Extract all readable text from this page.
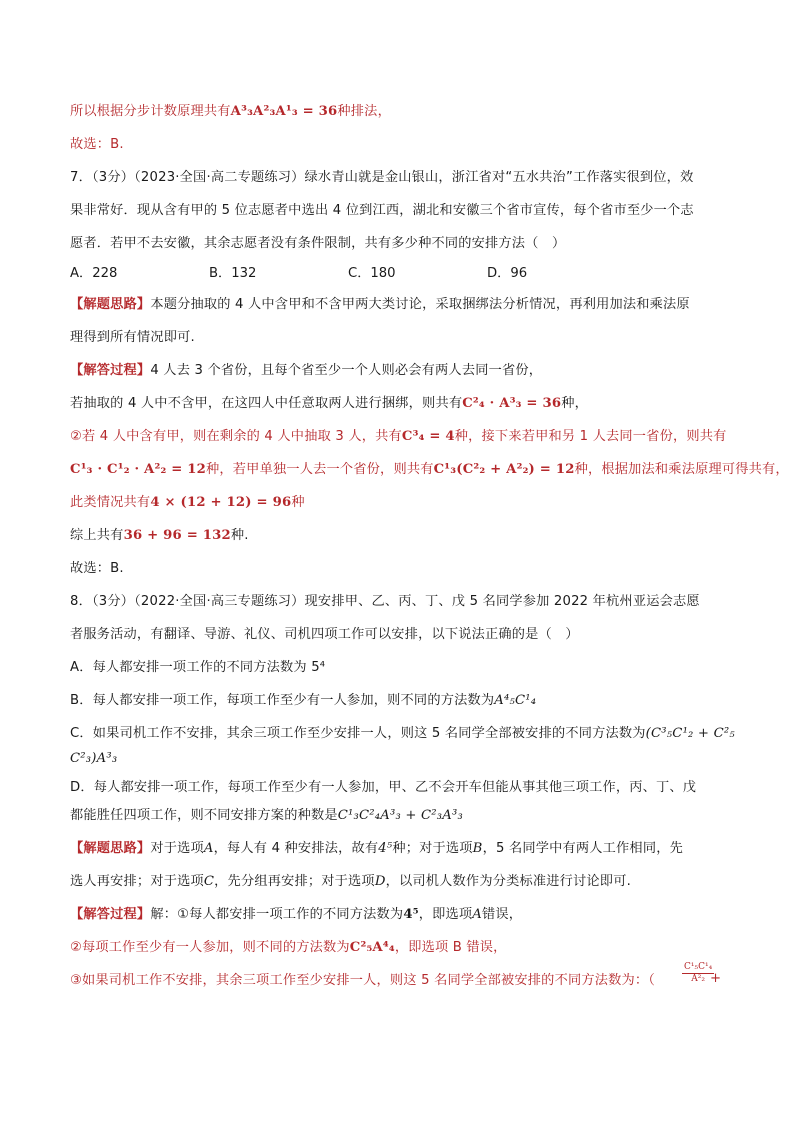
所以根据分步计数原理共有A³₃A²₃A¹₃ = 36种排法，
故选：B.
7．（3分）（2023·全国·高二专题练习）绿水青山就是金山银山，浙江省对“五水共治”工作落实很到位，效
果非常好．现从含有甲的 5 位志愿者中选出 4 位到江西，湖北和安徽三个省市宣传，每个省市至少一个志
愿者．若甲不去安徽，其余志愿者没有条件限制，共有多少种不同的安排方法（　）
A．228	B．132	C．180	D．96
【解题思路】本题分抽取的 4 人中含甲和不含甲两大类讨论，采取捆绑法分析情况，再利用加法和乘法原
理得到所有情况即可.
【解答过程】4 人去 3 个省份，且每个省至少一个人则必会有两人去同一省份，
若抽取的 4 人中不含甲，在这四人中任意取两人进行捆绑，则共有C²₄ · A³₃ = 36种，
②若 4 人中含有甲，则在剩余的 4 人中抽取 3 人，共有C³₄ = 4种，接下来若甲和另 1 人去同一省份，则共有
C¹₃ · C¹₂ · A²₂ = 12种，若甲单独一人去一个省份，则共有C¹₃(C²₂ + A²₂) = 12种，根据加法和乘法原理可得共有，
此类情况共有4 × (12 + 12) = 96种
综上共有36 + 96 = 132种.
故选：B.
8．（3分）（2022·全国·高三专题练习）现安排甲、乙、丙、丁、戊 5 名同学参加 2022 年杭州亚运会志愿
者服务活动，有翻译、导游、礼仪、司机四项工作可以安排，以下说法正确的是（　）
A．每人都安排一项工作的不同方法数为 5⁴
B．每人都安排一项工作，每项工作至少有一人参加，则不同的方法数为A⁴₅C¹₄
C．如果司机工作不安排，其余三项工作至少安排一人，则这 5 名同学全部被安排的不同方法数为(C³₅C¹₂ + C²₅
C²₃)A³₃
D．每人都安排一项工作，每项工作至少有一人参加，甲、乙不会开车但能从事其他三项工作，丙、丁、戊
都能胜任四项工作，则不同安排方案的种数是C¹₃C²₄A³₃ + C²₃A³₃
【解题思路】对于选项A，每人有 4 种安排法，故有4⁵种；对于选项B，5 名同学中有两人工作相同，先
选人再安排；对于选项C，先分组再安排；对于选项D，以司机人数作为分类标准进行讨论即可.
【解答过程】解：①每人都安排一项工作的不同方法数为4⁵，即选项A错误，
②每项工作至少有一人参加，则不同的方法数为C²₅A⁴₄，即选项 B 错误，
③如果司机工作不安排，其余三项工作至少安排一人，则这 5 名同学全部被安排的不同方法数为：（	$\frac{\text{C¹₅C¹₄}}{\text{A²₂}}$
+
